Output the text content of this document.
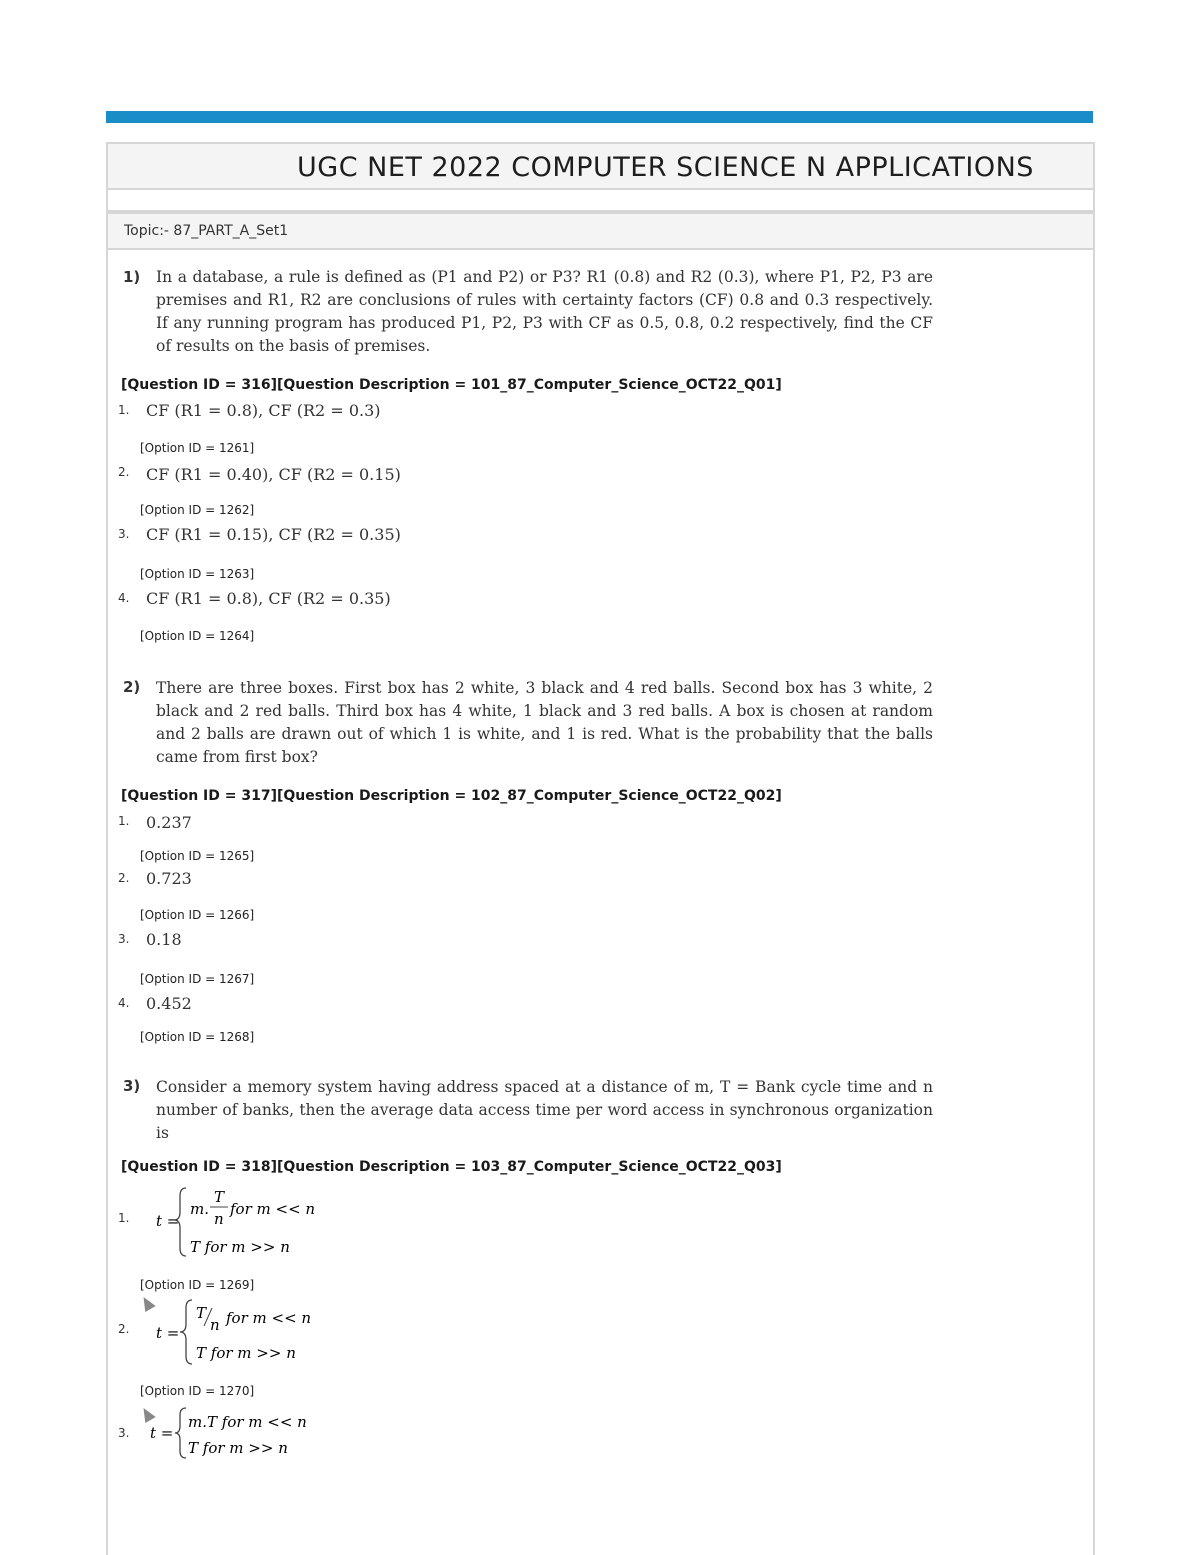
UGC NET 2022 COMPUTER SCIENCE N APPLICATIONS
Topic:- 87_PART_A_Set1
1) In a database, a rule is defined as (P1 and P2) or P3? R1 (0.8) and R2 (0.3), where P1, P2, P3 are premises and R1, R2 are conclusions of rules with certainty factors (CF) 0.8 and 0.3 respectively. If any running program has produced P1, P2, P3 with CF as 0.5, 0.8, 0.2 respectively, find the CF of results on the basis of premises.
[Question ID = 316][Question Description = 101_87_Computer_Science_OCT22_Q01]
1. CF (R1 = 0.8), CF (R2 = 0.3)
[Option ID = 1261]
2. CF (R1 = 0.40), CF (R2 = 0.15)
[Option ID = 1262]
3. CF (R1 = 0.15), CF (R2 = 0.35)
[Option ID = 1263]
4. CF (R1 = 0.8), CF (R2 = 0.35)
[Option ID = 1264]
2) There are three boxes. First box has 2 white, 3 black and 4 red balls. Second box has 3 white, 2 black and 2 red balls. Third box has 4 white, 1 black and 3 red balls. A box is chosen at random and 2 balls are drawn out of which 1 is white, and 1 is red. What is the probability that the balls came from first box?
[Question ID = 317][Question Description = 102_87_Computer_Science_OCT22_Q02]
1. 0.237
[Option ID = 1265]
2. 0.723
[Option ID = 1266]
3. 0.18
[Option ID = 1267]
4. 0.452
[Option ID = 1268]
3) Consider a memory system having address spaced at a distance of m, T = Bank cycle time and n number of banks, then the average data access time per word access in synchronous organization is
[Question ID = 318][Question Description = 103_87_Computer_Science_OCT22_Q03]
1. t =
m.
T
n
for m << n
T for m >> n
[Option ID = 1269]
2. t =
T
n for m << n
T for m >> n
[Option ID = 1270]
3. t =
m.T for m << n
T for m >> n
